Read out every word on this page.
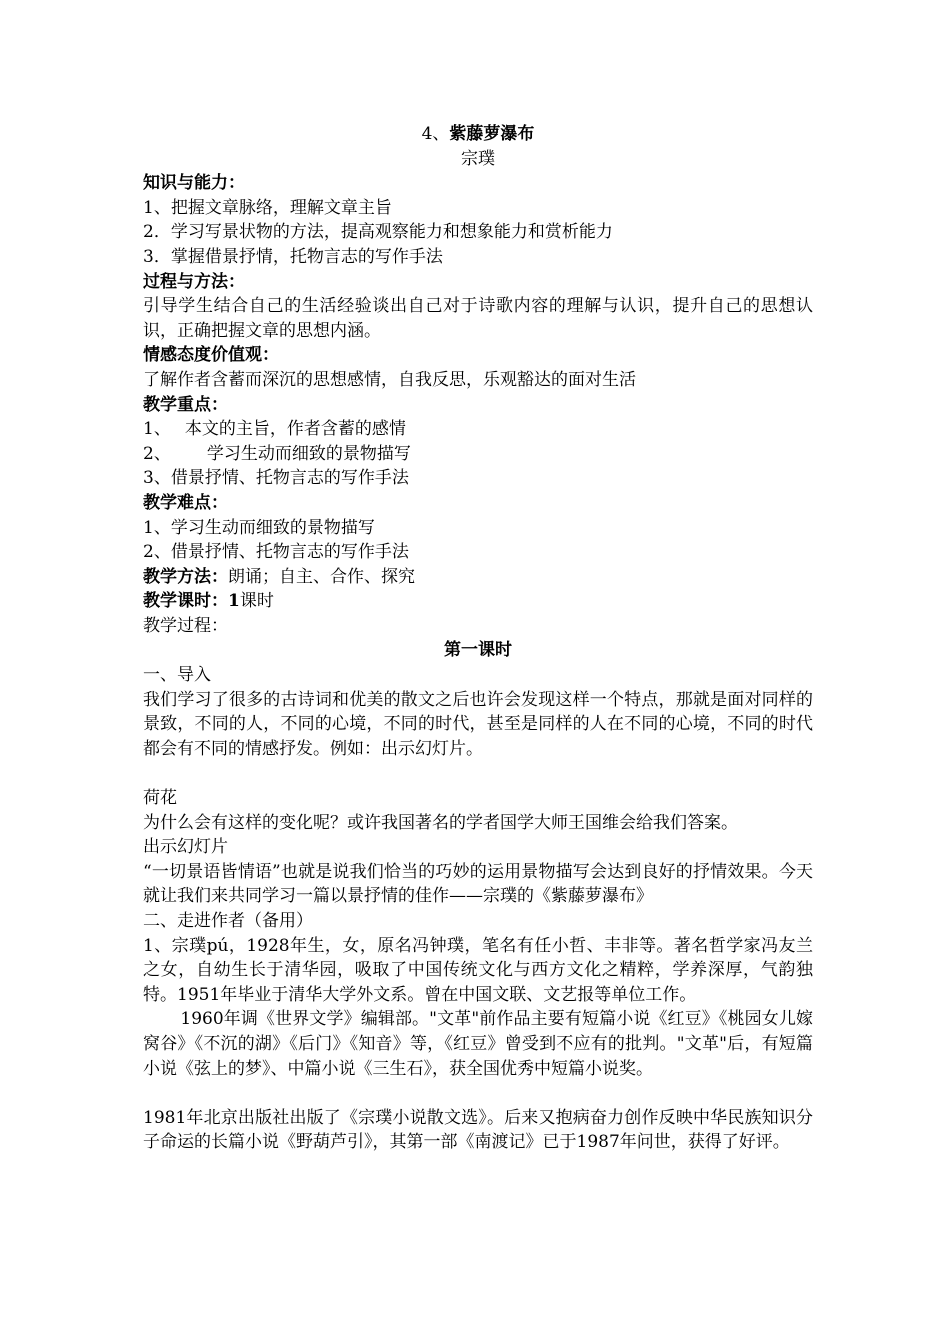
4、紫藤萝瀑布

宗璞

知识与能力：

1、把握文章脉络，理解文章主旨

2．学习写景状物的方法，提高观察能力和想象能力和赏析能力

3．掌握借景抒情，托物言志的写作手法

过程与方法：

引导学生结合自己的生活经验谈出自己对于诗歌内容的理解与认识，提升自己的思想认识，正确把握文章的思想内涵。

情感态度价值观：

了解作者含蓄而深沉的思想感情，自我反思，乐观豁达的面对生活

教学重点：

1、 本文的主旨，作者含蓄的感情

2、 学习生动而细致的景物描写

3、借景抒情、托物言志的写作手法

教学难点：

1、学习生动而细致的景物描写

2、借景抒情、托物言志的写作手法

教学方法：朗诵；自主、合作、探究

教学课时：1课时

教学过程：

第一课时

一、导入

我们学习了很多的古诗词和优美的散文之后也许会发现这样一个特点，那就是面对同样的景致，不同的人，不同的心境，不同的时代，甚至是同样的人在不同的心境，不同的时代都会有不同的情感抒发。例如：出示幻灯片。

荷花

为什么会有这样的变化呢？或许我国著名的学者国学大师王国维会给我们答案。

出示幻灯片

“一切景语皆情语”也就是说我们恰当的巧妙的运用景物描写会达到良好的抒情效果。今天就让我们来共同学习一篇以景抒情的佳作——宗璞的《紫藤萝瀑布》

二、走进作者（备用）

1、宗璞pú，1928年生，女，原名冯钟璞，笔名有任小哲、丰非等。著名哲学家冯友兰之女，自幼生长于清华园，吸取了中国传统文化与西方文化之精粹，学养深厚，气韵独特。1951年毕业于清华大学外文系。曾在中国文联、文艺报等单位工作。

1960年调《世界文学》编辑部。"文革"前作品主要有短篇小说《红豆》《桃园女儿嫁窝谷》《不沉的湖》《后门》《知音》等，《红豆》曾受到不应有的批判。"文革"后，有短篇小说《弦上的梦》、中篇小说《三生石》，获全国优秀中短篇小说奖。

1981年北京出版社出版了《宗璞小说散文选》。后来又抱病奋力创作反映中华民族知识分子命运的长篇小说《野葫芦引》，其第一部《南渡记》已于1987年问世，获得了好评。
